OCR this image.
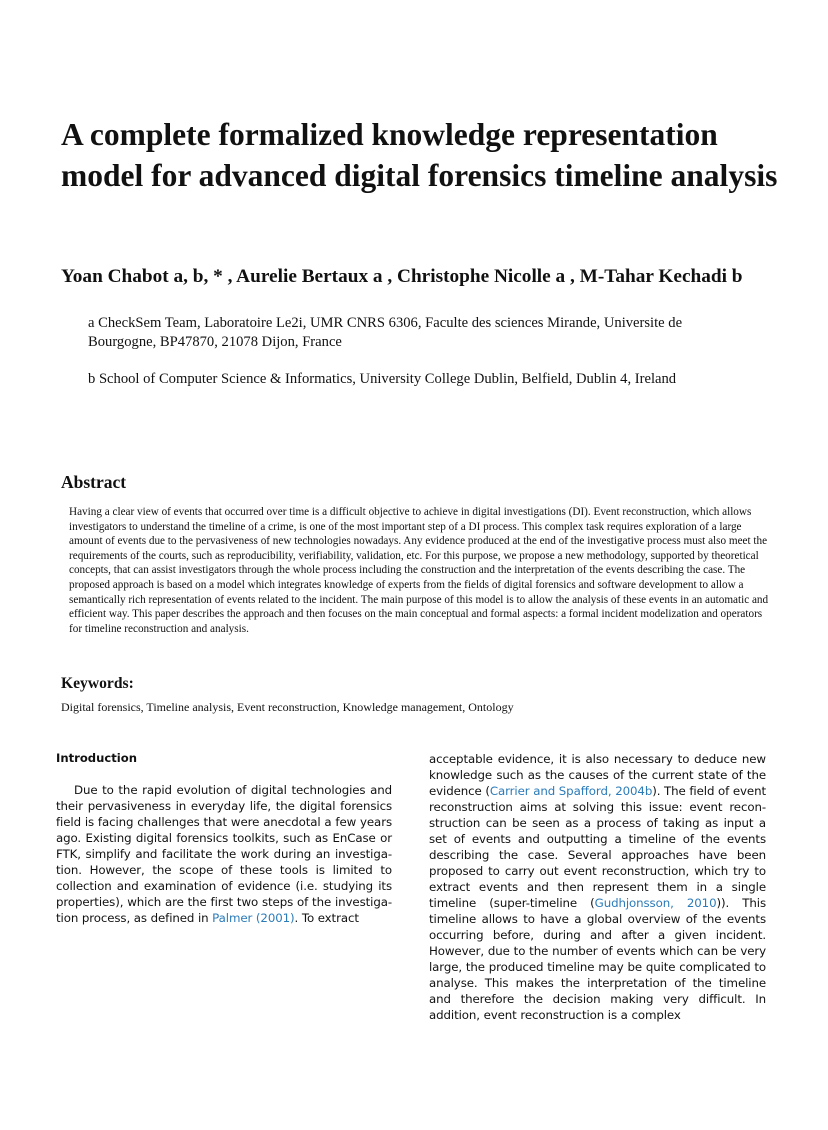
A complete formalized knowledge representation model for advanced digital forensics timeline analysis

Yoan Chabot a, b, * , Aurelie Bertaux a , Christophe Nicolle a , M-Tahar Kechadi b

a CheckSem Team, Laboratoire Le2i, UMR CNRS 6306, Faculte des sciences Mirande, Universite de Bourgogne, BP47870, 21078 Dijon, France

b School of Computer Science & Informatics, University College Dublin, Belfield, Dublin 4, Ireland

Abstract

Having a clear view of events that occurred over time is a difficult objective to achieve in digital investigations (DI). Event reconstruction, which allows investigators to understand the timeline of a crime, is one of the most important step of a DI process. This complex task requires exploration of a large amount of events due to the pervasiveness of new technologies nowadays. Any evidence produced at the end of the investigative process must also meet the requirements of the courts, such as reproducibility, verifiability, validation, etc. For this purpose, we propose a new methodology, supported by theoretical concepts, that can assist investigators through the whole process including the construction and the interpretation of the events describing the case. The proposed approach is based on a model which integrates knowledge of experts from the fields of digital forensics and software development to allow a semantically rich representation of events related to the incident. The main purpose of this model is to allow the analysis of these events in an automatic and efficient way. This paper describes the approach and then focuses on the main conceptual and formal aspects: a formal incident modelization and operators for timeline reconstruction and analysis.

Keywords:

Digital forensics, Timeline analysis, Event reconstruction, Knowledge management, Ontology

Introduction

Due to the rapid evolution of digital technologies and their pervasiveness in everyday life, the digital forensics field is facing challenges that were anecdotal a few years ago. Existing digital forensics toolkits, such as EnCase or FTK, simplify and facilitate the work during an investiga-tion. However, the scope of these tools is limited to collection and examination of evidence (i.e. studying its properties), which are the first two steps of the investiga-tion process, as defined in Palmer (2001). To extract

acceptable evidence, it is also necessary to deduce new knowledge such as the causes of the current state of the evidence (Carrier and Spafford, 2004b). The field of event reconstruction aims at solving this issue: event recon-struction can be seen as a process of taking as input a set of events and outputting a timeline of the events describing the case. Several approaches have been proposed to carry out event reconstruction, which try to extract events and then represent them in a single timeline (super-timeline (Gudhjonsson, 2010)). This timeline allows to have a global overview of the events occurring before, during and after a given incident. However, due to the number of events which can be very large, the produced timeline may be quite complicated to analyse. This makes the interpretation of the timeline and therefore the decision making very difficult. In addition, event reconstruction is a complex
